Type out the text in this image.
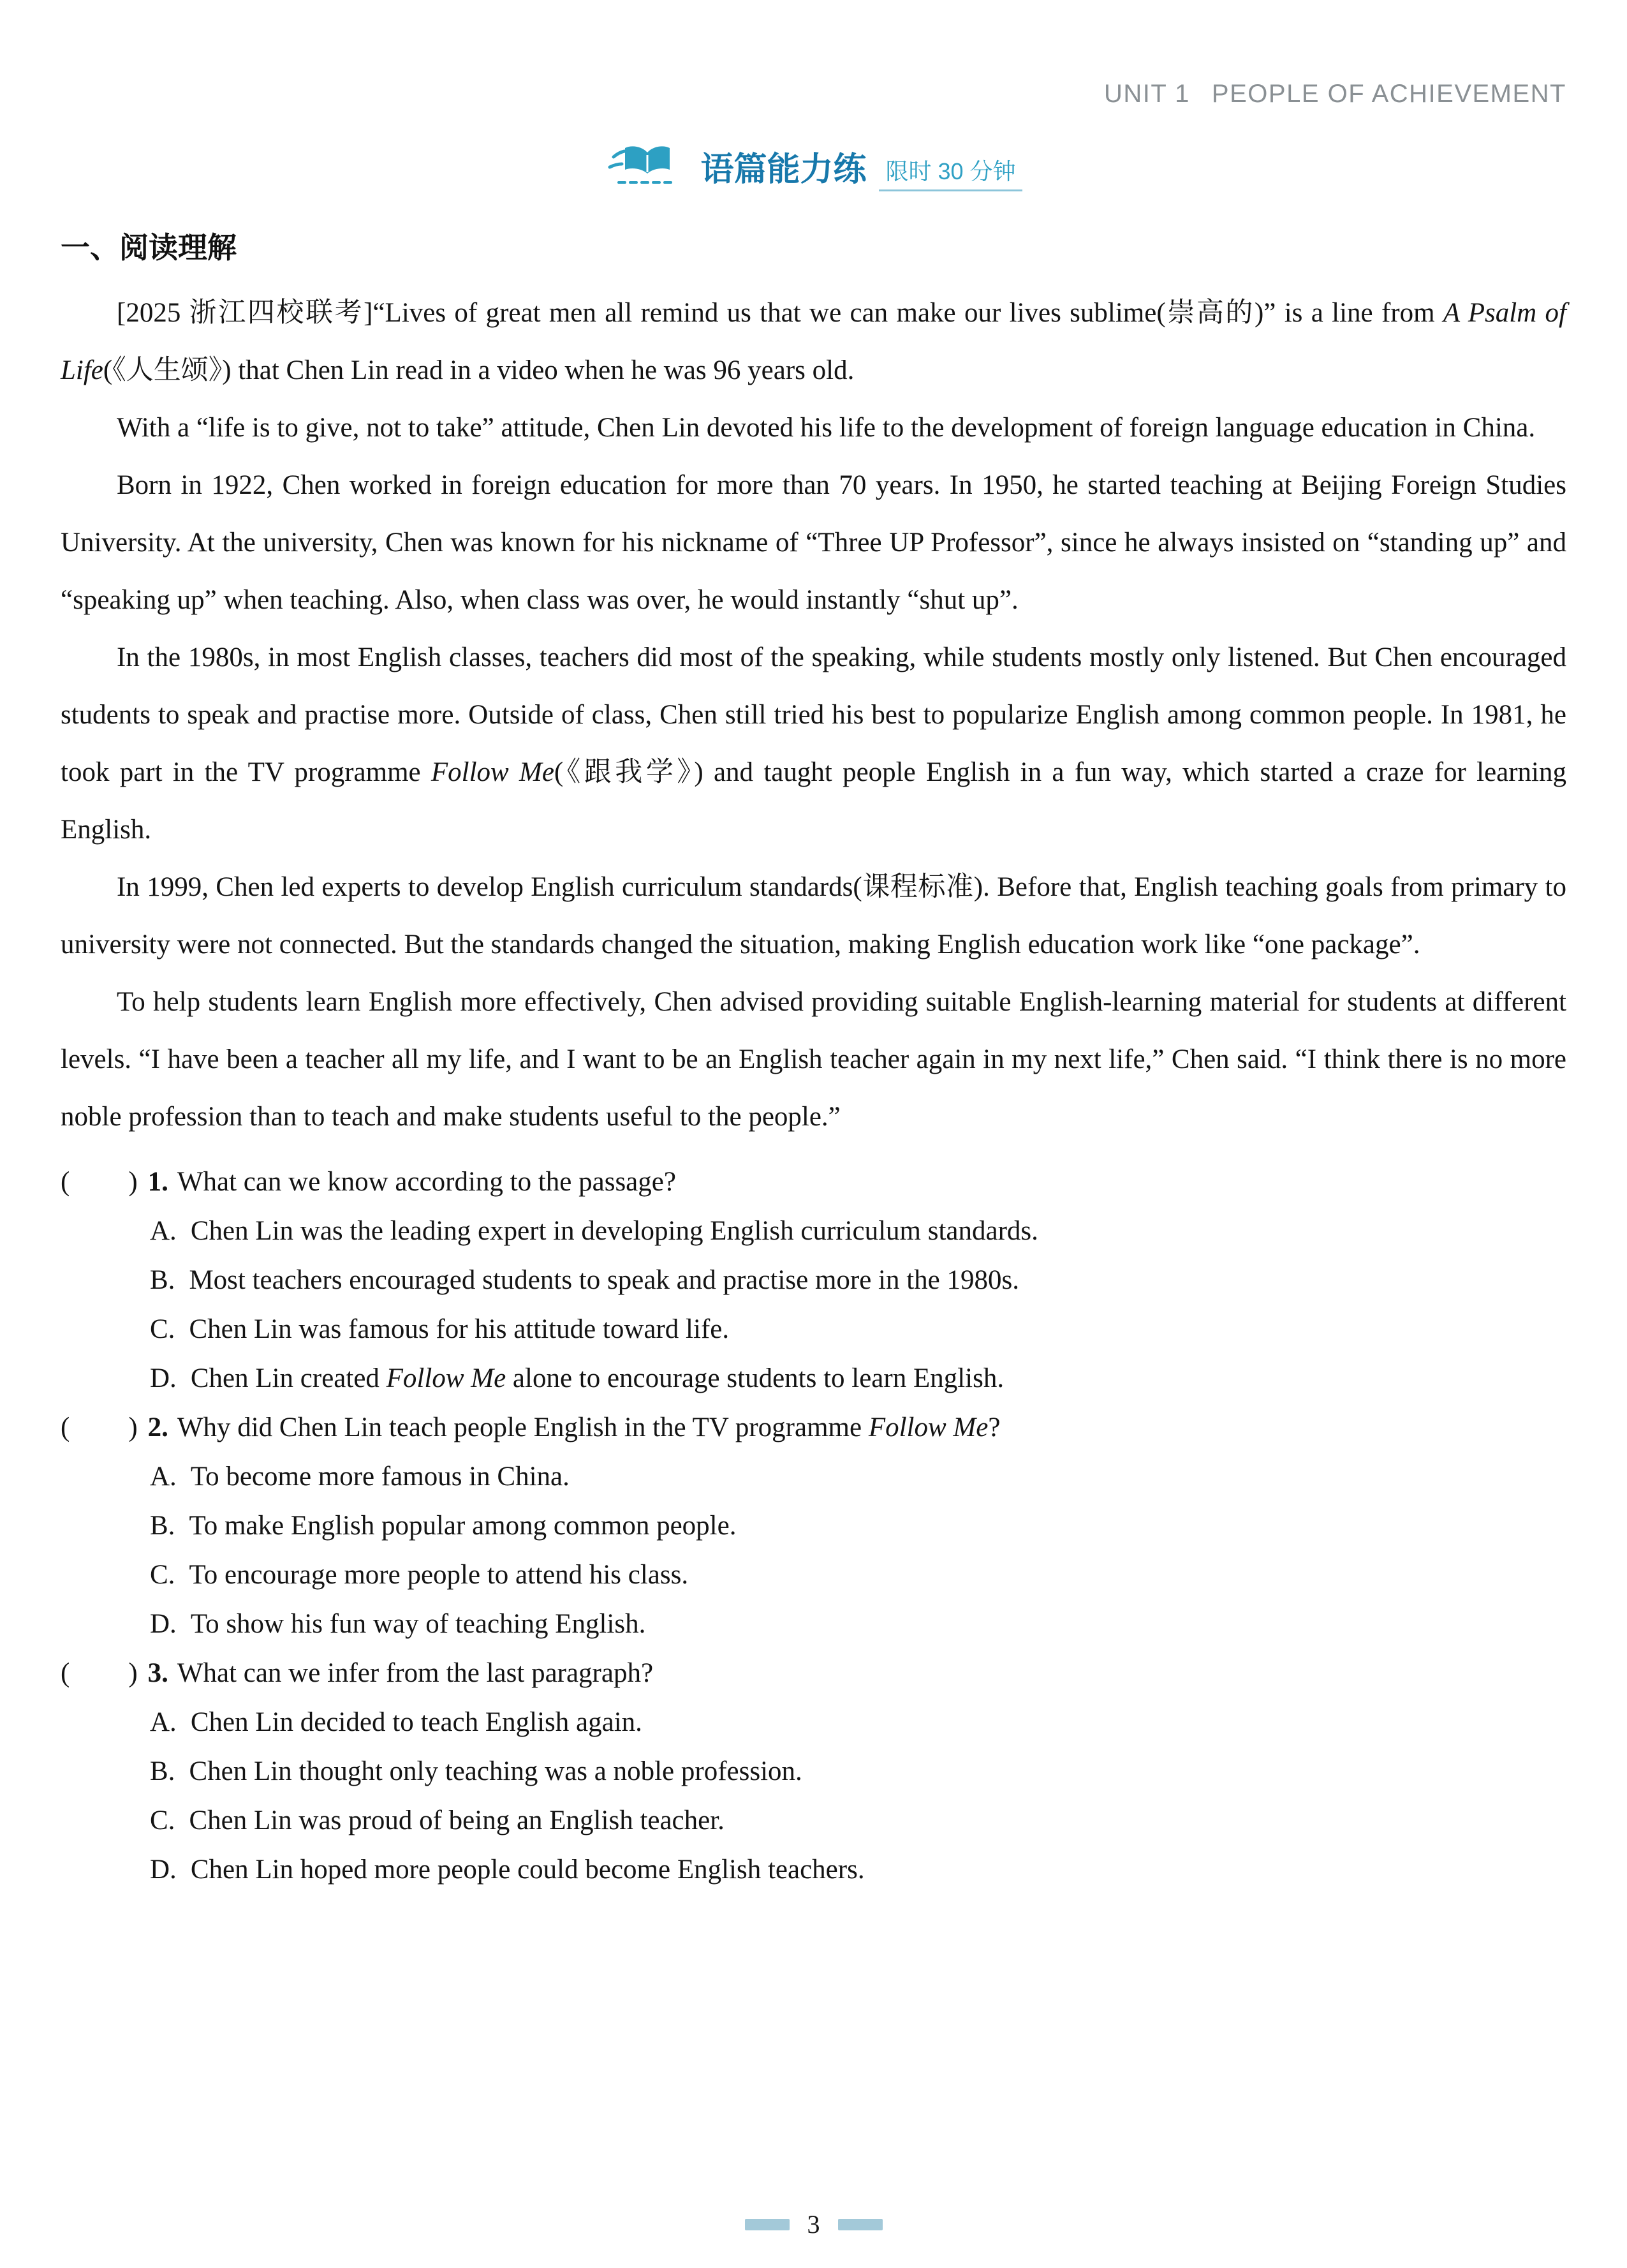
UNIT 1 PEOPLE OF ACHIEVEMENT
语篇能力练 限时 30 分钟
一、阅读理解

[2025 浙江四校联考]“Lives of great men all remind us that we can make our lives sublime(崇高的)” is a line from A Psalm of Life(《人生颂》) that Chen Lin read in a video when he was 96 years old.

With a “life is to give, not to take” attitude, Chen Lin devoted his life to the development of foreign language education in China.

Born in 1922, Chen worked in foreign education for more than 70 years. In 1950, he started teaching at Beijing Foreign Studies University. At the university, Chen was known for his nickname of “Three UP Professor”, since he always insisted on “standing up” and “speaking up” when teaching. Also, when class was over, he would instantly “shut up”.

In the 1980s, in most English classes, teachers did most of the speaking, while students mostly only listened. But Chen encouraged students to speak and practise more. Outside of class, Chen still tried his best to popularize English among common people. In 1981, he took part in the TV programme Follow Me(《跟我学》) and taught people English in a fun way, which started a craze for learning English.

In 1999, Chen led experts to develop English curriculum standards(课程标准). Before that, English teaching goals from primary to university were not connected. But the standards changed the situation, making English education work like “one package”.

To help students learn English more effectively, Chen advised providing suitable English-learning material for students at different levels. “I have been a teacher all my life, and I want to be an English teacher again in my next life,” Chen said. “I think there is no more noble profession than to teach and make students useful to the people.”

(　　) 1. What can we know according to the passage?
A. Chen Lin was the leading expert in developing English curriculum standards.
B. Most teachers encouraged students to speak and practise more in the 1980s.
C. Chen Lin was famous for his attitude toward life.
D. Chen Lin created Follow Me alone to encourage students to learn English.
(　　) 2. Why did Chen Lin teach people English in the TV programme Follow Me?
A. To become more famous in China.
B. To make English popular among common people.
C. To encourage more people to attend his class.
D. To show his fun way of teaching English.
(　　) 3. What can we infer from the last paragraph?
A. Chen Lin decided to teach English again.
B. Chen Lin thought only teaching was a noble profession.
C. Chen Lin was proud of being an English teacher.
D. Chen Lin hoped more people could become English teachers.
3
